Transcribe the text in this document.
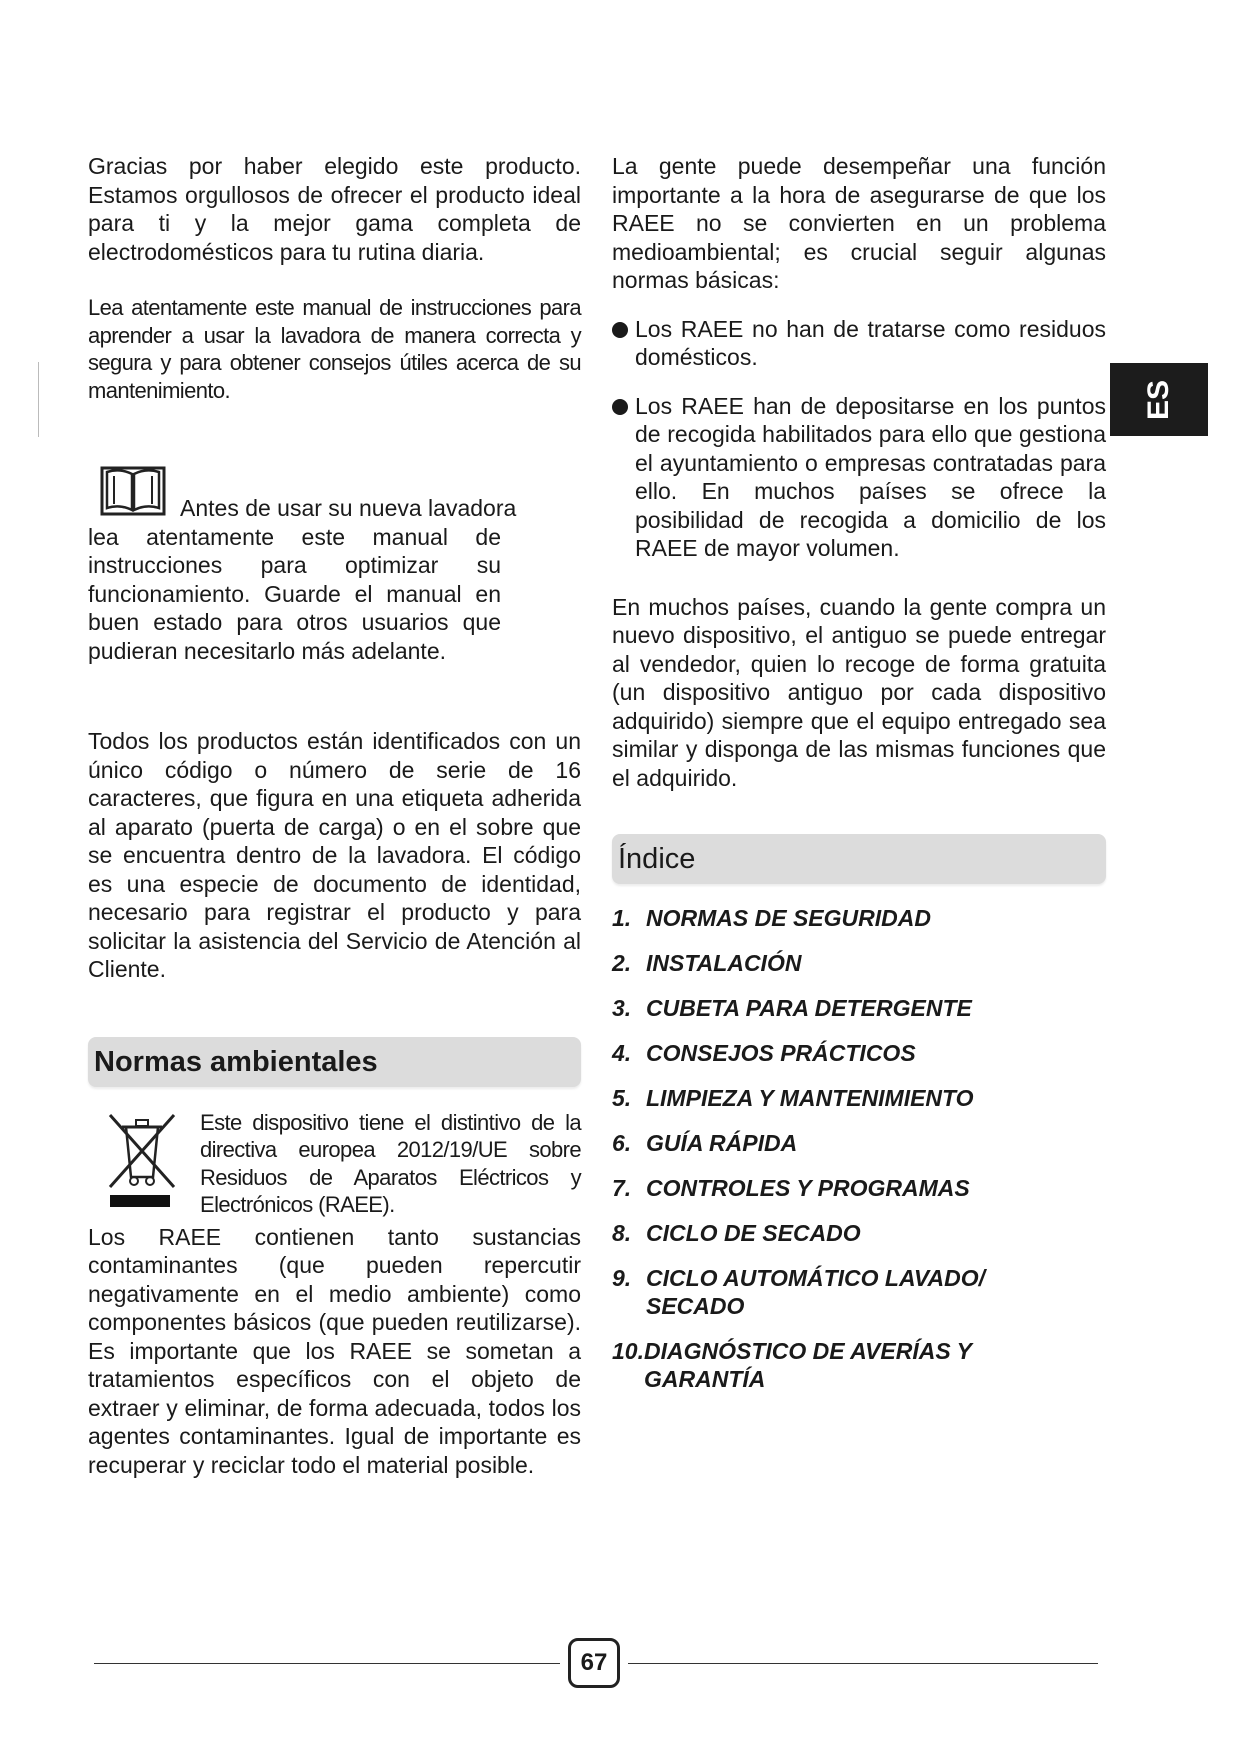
Gracias por haber elegido este producto. Estamos orgullosos de ofrecer el producto ideal para ti y la mejor gama completa de electrodomésticos para tu rutina diaria.

Lea atentamente este manual de instrucciones para aprender a usar la lavadora de manera correcta y segura y para obtener consejos útiles acerca de su mantenimiento.

Antes de usar su nueva lavadora

lea atentamente este manual de instrucciones para optimizar su funcionamiento. Guarde el manual en buen estado para otros usuarios que pudieran necesitarlo más adelante.

Todos los productos están identificados con un único código o número de serie de 16 caracteres, que figura en una etiqueta adherida al aparato (puerta de carga) o en el sobre que se encuentra dentro de la lavadora. El código es una especie de documento de identidad, necesario para registrar el producto y para solicitar la asistencia del Servicio de Atención al Cliente.

Normas ambientales

Este dispositivo tiene el distintivo de la directiva europea 2012/19/UE sobre Residuos de Aparatos Eléctricos y Electrónicos (RAEE).

Los RAEE contienen tanto sustancias contaminantes (que pueden repercutir negativamente en el medio ambiente) como componentes básicos (que pueden reutilizarse). Es importante que los RAEE se sometan a tratamientos específicos con el objeto de extraer y eliminar, de forma adecuada, todos los agentes contaminantes. Igual de importante es recuperar y reciclar todo el material posible.

La gente puede desempeñar una función importante a la hora de asegurarse de que los RAEE no se convierten en un problema medioambiental; es crucial seguir algunas normas básicas:

Los RAEE no han de tratarse como residuos domésticos.

Los RAEE han de depositarse en los puntos de recogida habilitados para ello que gestiona el ayuntamiento o empresas contratadas para ello. En muchos países se ofrece la posibilidad de recogida a domicilio de los RAEE de mayor volumen.

En muchos países, cuando la gente compra un nuevo dispositivo, el antiguo se puede entregar al vendedor, quien lo recoge de forma gratuita (un dispositivo antiguo por cada dispositivo adquirido) siempre que el equipo entregado sea similar y disponga de las mismas funciones que el adquirido.

Índice
1. NORMAS DE SEGURIDAD
2. INSTALACIÓN
3. CUBETA PARA DETERGENTE
4. CONSEJOS PRÁCTICOS
5. LIMPIEZA Y MANTENIMIENTO
6. GUÍA RÁPIDA
7. CONTROLES Y PROGRAMAS
8. CICLO DE SECADO
9. CICLO AUTOMÁTICO LAVADO/ SECADO
10. DIAGNÓSTICO DE AVERÍAS Y GARANTÍA
ES
67
